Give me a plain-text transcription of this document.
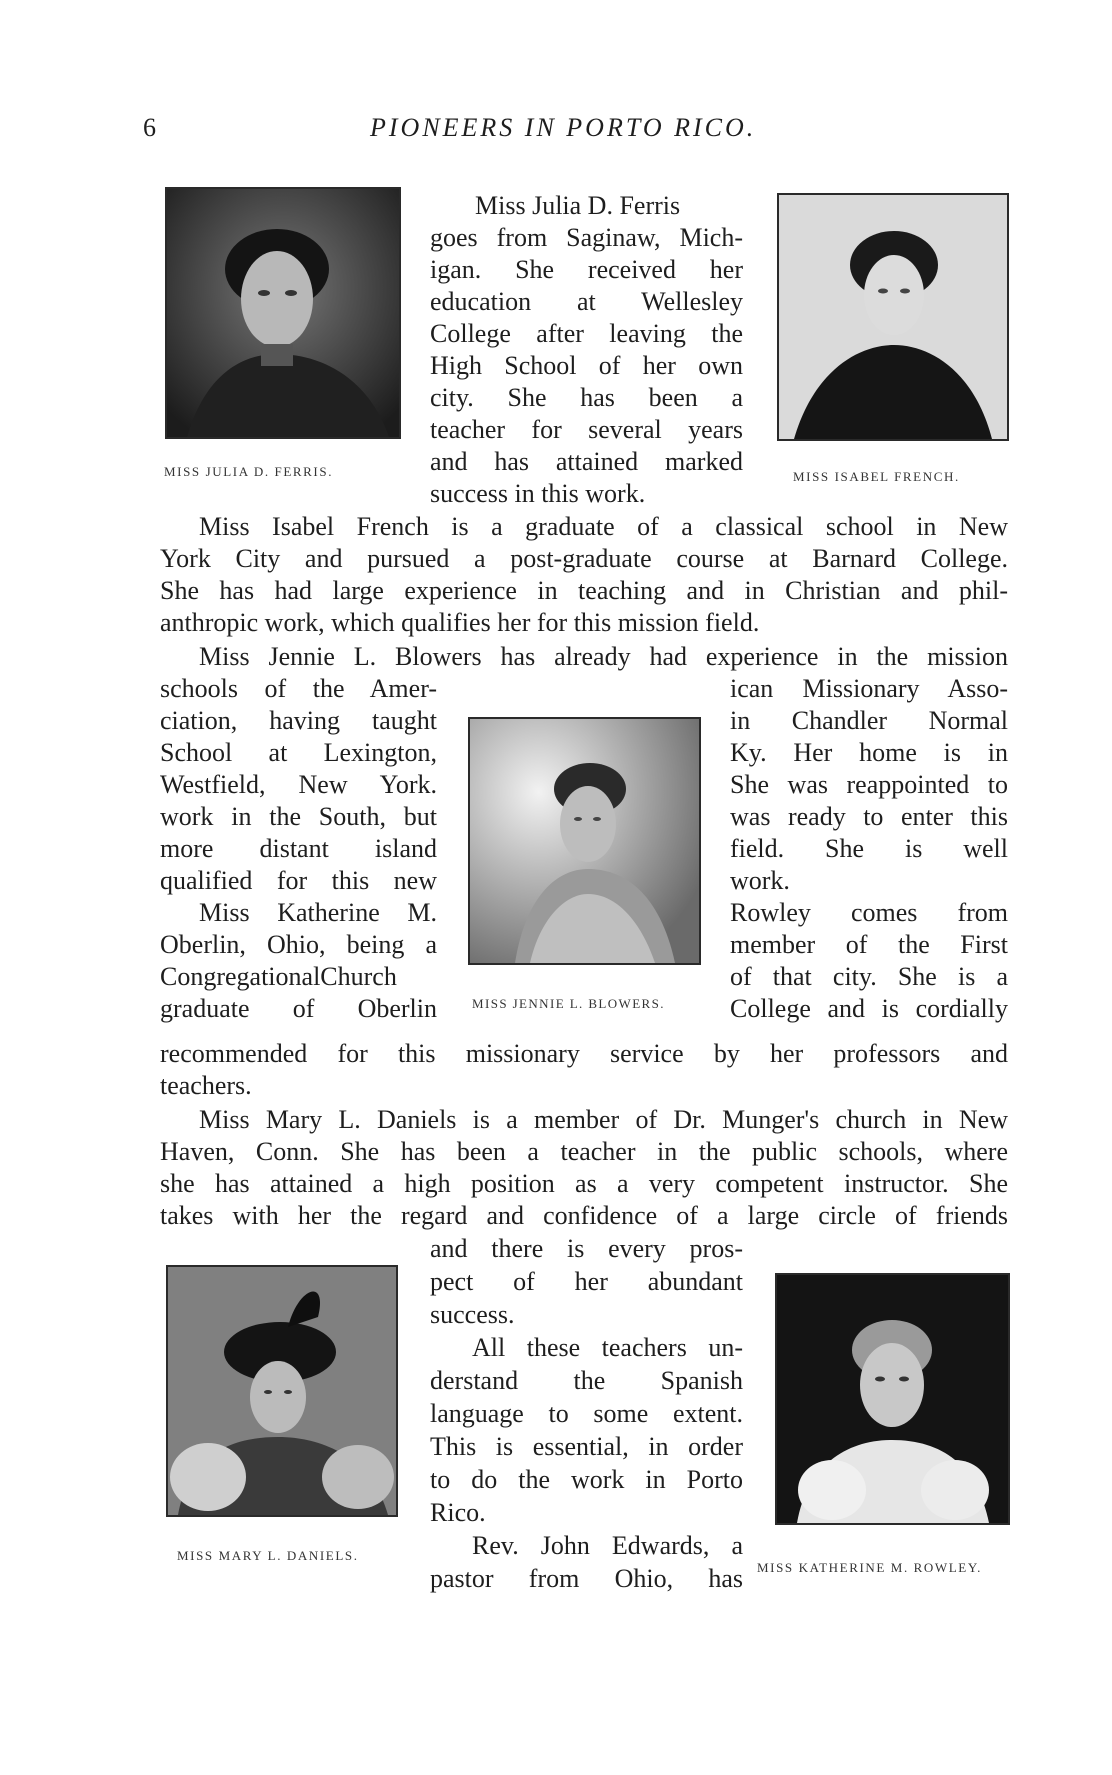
6	PIONEERS IN PORTO RICO.
MISS JULIA D. FERRIS.	MISS ISABEL FRENCH.
Miss Julia D. Ferris
goes from Saginaw, Mich-
igan. She received her
education at Wellesley
College after leaving the
High School of her own
city. She has been a
teacher for several years
and has attained marked
success in this work.
Miss Isabel French is a graduate of a classical school in New
York City and pursued a post-graduate course at Barnard College.
She has had large experience in teaching and in Christian and phil-
anthropic work, which qualifies her for this mission field.
Miss Jennie L. Blowers has already had experience in the mission
MISS JENNIE L. BLOWERS.
schools of the Amer-
ciation, having taught
School at Lexington,
Westfield, New York.
work in the South, but
more distant island
qualified for this new
Miss Katherine M.
Oberlin, Ohio, being a
CongregationalChurch
graduate of Oberlin
ican Missionary Asso-
in Chandler Normal
Ky. Her home is in
She was reappointed to
was ready to enter this
field. She is well
work.
Rowley comes from
member of the First
of that city. She is a
College and is cordially
recommended for this missionary service by her professors and
teachers.
Miss Mary L. Daniels is a member of Dr. Munger's church in New
Haven, Conn. She has been a teacher in the public schools, where
she has attained a high position as a very competent instructor. She
takes with her the regard and confidence of a large circle of friends
MISS MARY L. DANIELS.
MISS KATHERINE M. ROWLEY.
and there is every pros-
pect of her abundant
success.
All these teachers un-
derstand the Spanish
language to some extent.
This is essential, in order
to do the work in Porto
Rico.
Rev. John Edwards, a
pastor from Ohio, has
